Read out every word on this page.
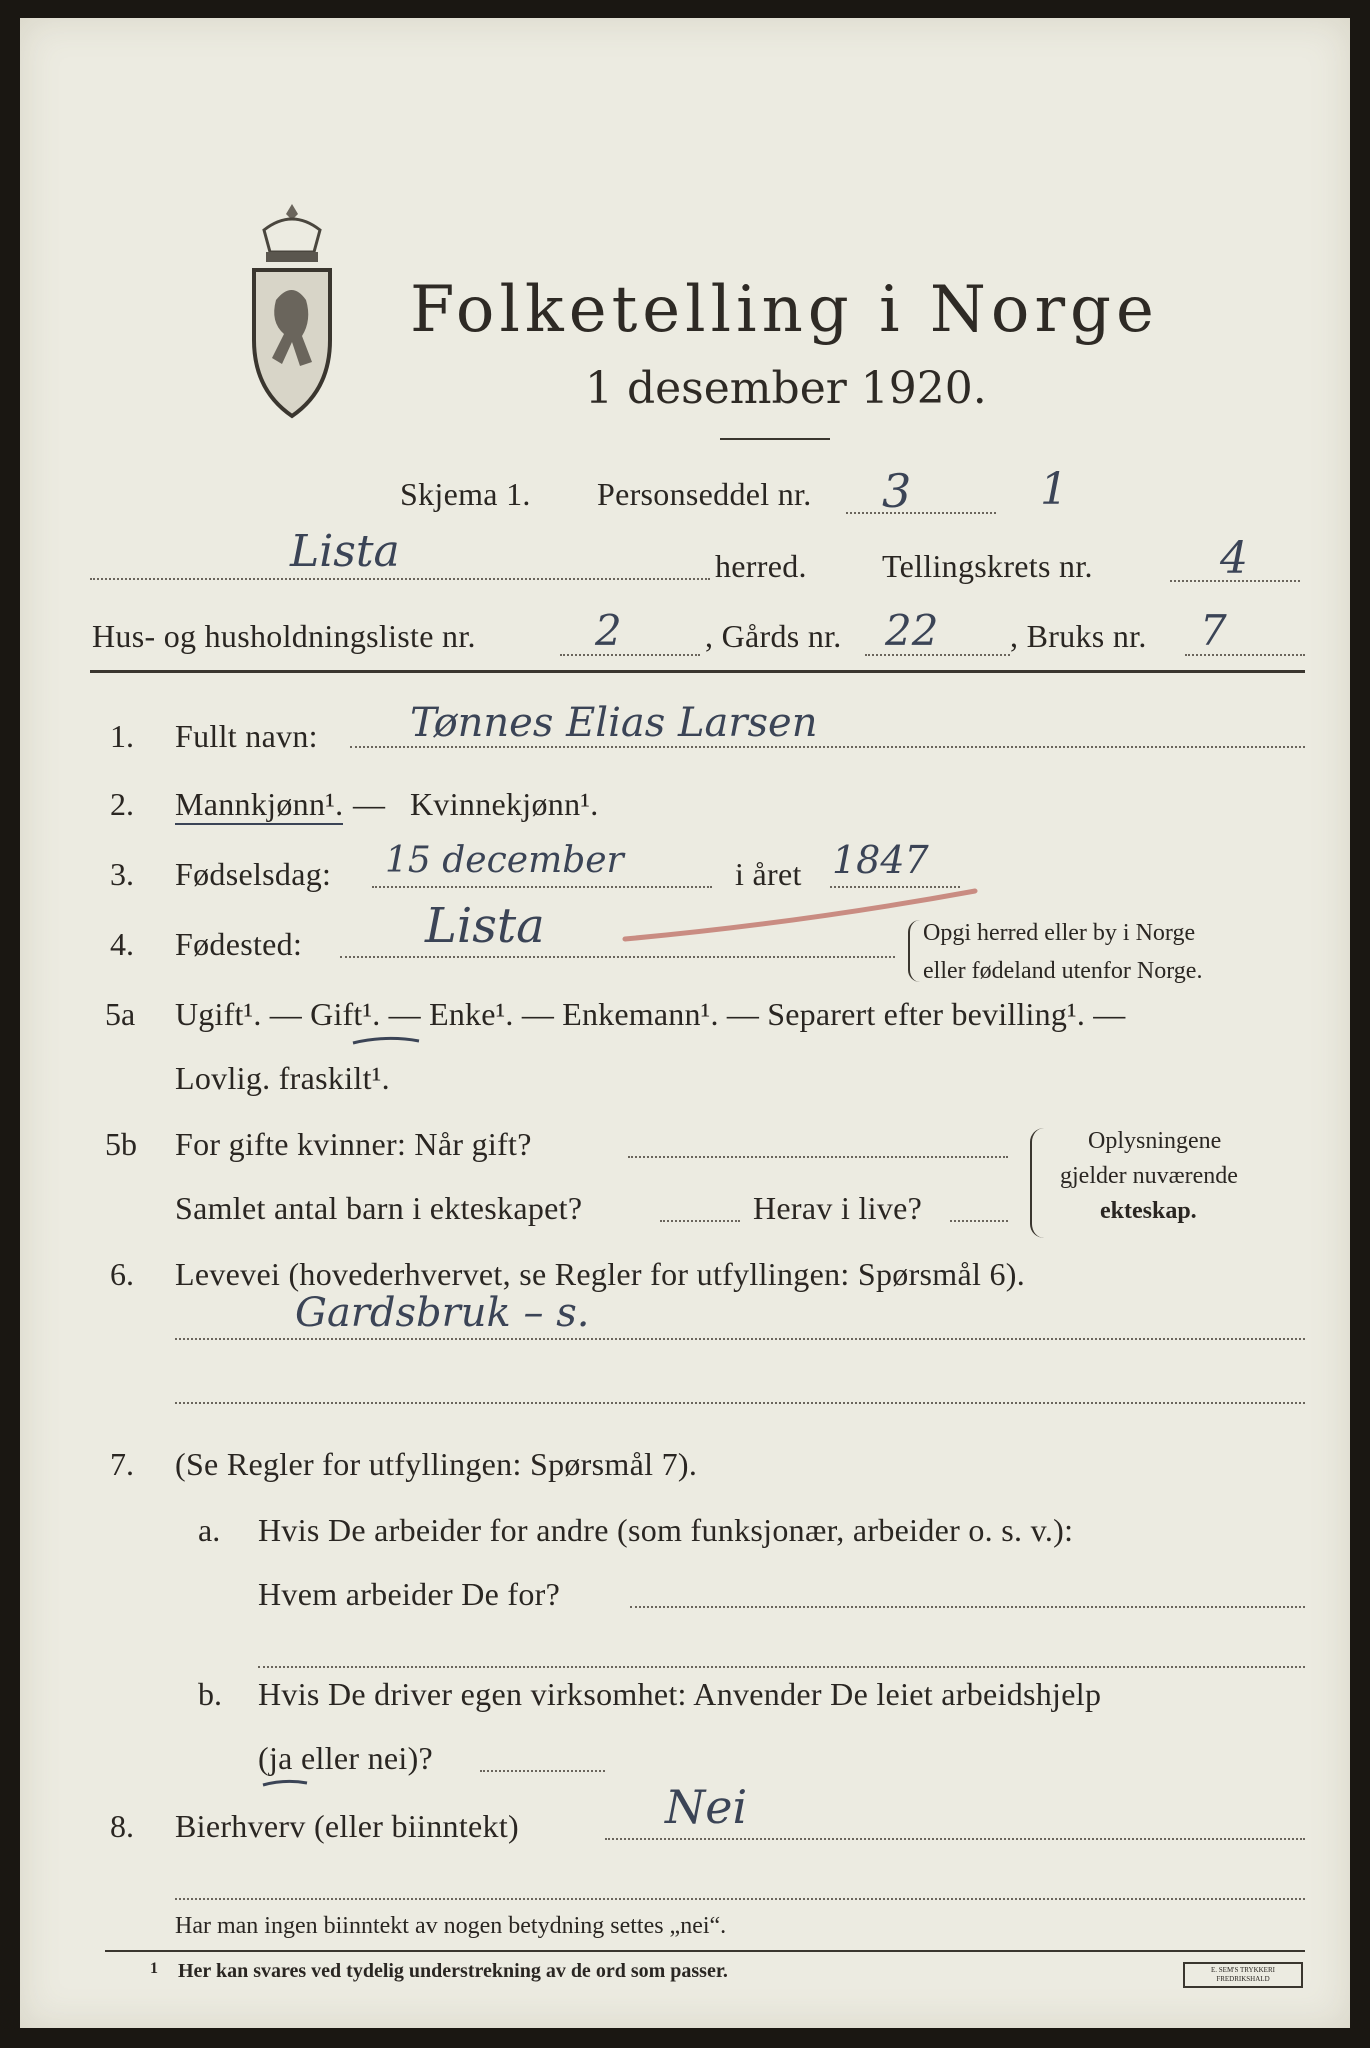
Folketelling i Norge
1 desember 1920.
Skjema 1. Personseddel nr. 3	1
Lista	herred. Tellingskrets nr.	4
Hus- og husholdningsliste nr.	2	, Gårds nr. 22 , Bruks nr. 7
1. Fullt navn: Tønnes Elias Larsen
2. Mannkjønn¹. — Kvinnekjønn¹.
3. Fødselsdag: 15 december	i året 1847
4. Fødested:	Lista	Opgi herred eller by i Norge
eller fødeland utenfor Norge.
5a Ugift¹. — Gift¹. — Enke¹. — Enkemann¹. — Separert efter bevilling¹. —
Lovlig. fraskilt¹.
5b For gifte kvinner: Når gift?
Samlet antal barn i ekteskapet?	Herav i live?
Oplysningene
gjelder nuværende
ekteskap.
6. Levevei (hovederhvervet, se Regler for utfyllingen: Spørsmål 6).
Gardsbruk – s.
7. (Se Regler for utfyllingen: Spørsmål 7).
a. Hvis De arbeider for andre (som funksjonær, arbeider o. s. v.):
Hvem arbeider De for?
b. Hvis De driver egen virksomhet: Anvender De leiet arbeidshjelp
(ja eller nei)?
8. Bierhverv (eller biinntekt)	Nei
Har man ingen biinntekt av nogen betydning settes „nei“.
1 Her kan svares ved tydelig understrekning av de ord som passer.	E. SEM'S TRYKKERI FREDRIKSHALD
